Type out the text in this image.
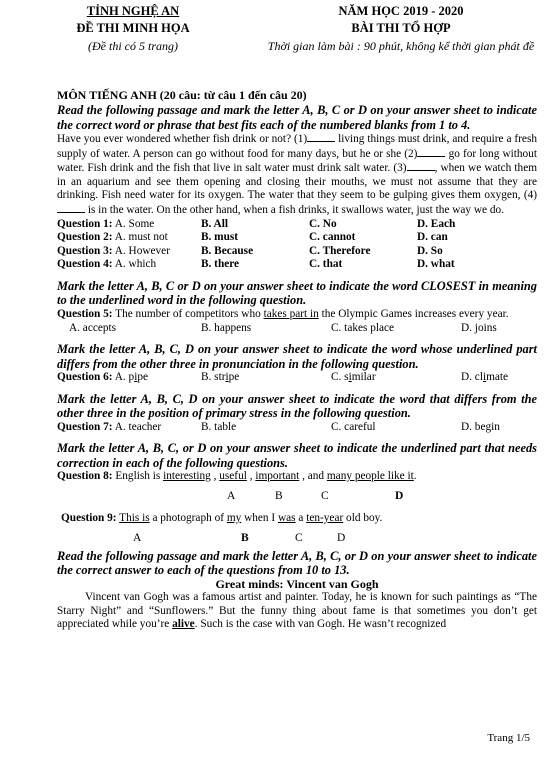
TỈNH NGHỆ AN
ĐỀ THI MINH HỌA
(Đề thi có 5 trang)
NĂM HỌC 2019 - 2020
BÀI THI TỔ HỢP
Thời gian làm bài : 90 phút, không kể thời gian phát đề
MÔN TIẾNG ANH (20 câu: từ câu 1 đến câu 20)
Read the following passage and mark the letter A, B, C or D on your answer sheet to indicate the correct word or phrase that best fits each of the numbered blanks from 1 to 4.
Have you ever wondered whether fish drink or not? (1) living things must drink, and require a fresh supply of water. A person can go without food for many days, but he or she (2) go for long without water. Fish drink and the fish that live in salt water must drink salt water. (3) , when we watch them in an aquarium and see them opening and closing their mouths, we must not assume that they are drinking. Fish need water for its oxygen. The water that they seem to be gulping gives them oxygen, (4) is in the water. On the other hand, when a fish drinks, it swallows water, just the way we do.
Question 1: A. Some	B. All	C. No	D. Each
Question 2: A. must not	B. must	C. cannot	D. can
Question 3: A. However	B. Because	C. Therefore	D. So
Question 4: A. which	B. there	C. that	D. what
Mark the letter A, B, C or D on your answer sheet to indicate the word CLOSEST in meaning to the underlined word in the following question.
Question 5: The number of competitors who takes part in the Olympic Games increases every year.
A. accepts	B. happens	C. takes place	D. joins
Mark the letter A, B, C, D on your answer sheet to indicate the word whose underlined part differs from the other three in pronunciation in the following question.
Question 6: A. pipe	B. stripe	C. similar	D. climate
Mark the letter A, B, C, D on your answer sheet to indicate the word that differs from the other three in the position of primary stress in the following question.
Question 7: A. teacher	B. table	C. careful	D. begin
Mark the letter A, B, C, or D on your answer sheet to indicate the underlined part that needs correction in each of the following questions.
Question 8: English is interesting , useful , important , and many people like it.
A	B	C	D
Question 9: This is a photograph of my when I was a ten-year old boy.
A	B	C	D
Read the following passage and mark the letter A, B, C, or D on your answer sheet to indicate the correct answer to each of the questions from 10 to 13.
Great minds: Vincent van Gogh
Vincent van Gogh was a famous artist and painter. Today, he is known for such paintings as “The Starry Night” and “Sunflowers.” But the funny thing about fame is that sometimes you don’t get appreciated while you’re alive. Such is the case with van Gogh. He wasn’t recognized
Trang 1/5
